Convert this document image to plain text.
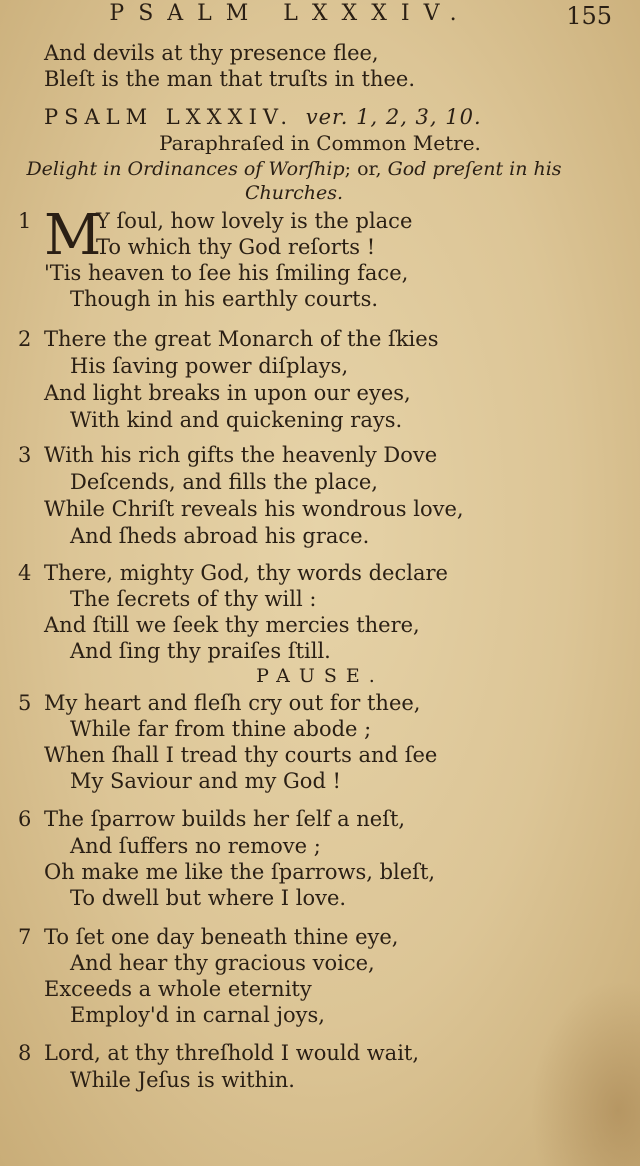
PSALM LXXXIV.	155
And devils at thy presence flee,
Bleſt is the man that truſts in thee.
PSALM LXXXIV. ver. 1, 2, 3, 10.
Paraphraſed in Common Metre.
Delight in Ordinances of Worſhip; or, God preſent in his Churches.
1 M
Y ſoul, how lovely is the place
To which thy God reſorts !
'Tis heaven to ſee his ſmiling face,
Though in his earthly courts.
2 There the great Monarch of the ſkies
His ſaving power diſplays,
And light breaks in upon our eyes,
With kind and quickening rays.
3 With his rich gifts the heavenly Dove
Deſcends, and fills the place,
While Chriſt reveals his wondrous love,
And ſheds abroad his grace.
4 There, mighty God, thy words declare
The ſecrets of thy will :
And ſtill we ſeek thy mercies there,
And ſing thy praiſes ſtill.
PAUSE.
5 My heart and fleſh cry out for thee,
While far from thine abode ;
When ſhall I tread thy courts and ſee
My Saviour and my God !
6 The ſparrow builds her ſelf a neſt,
And ſuffers no remove ;
Oh make me like the ſparrows, bleſt,
To dwell but where I love.
7 To ſet one day beneath thine eye,
And hear thy gracious voice,
Exceeds a whole eternity
Employ'd in carnal joys,
8 Lord, at thy threſhold I would wait,
While Jeſus is within.
